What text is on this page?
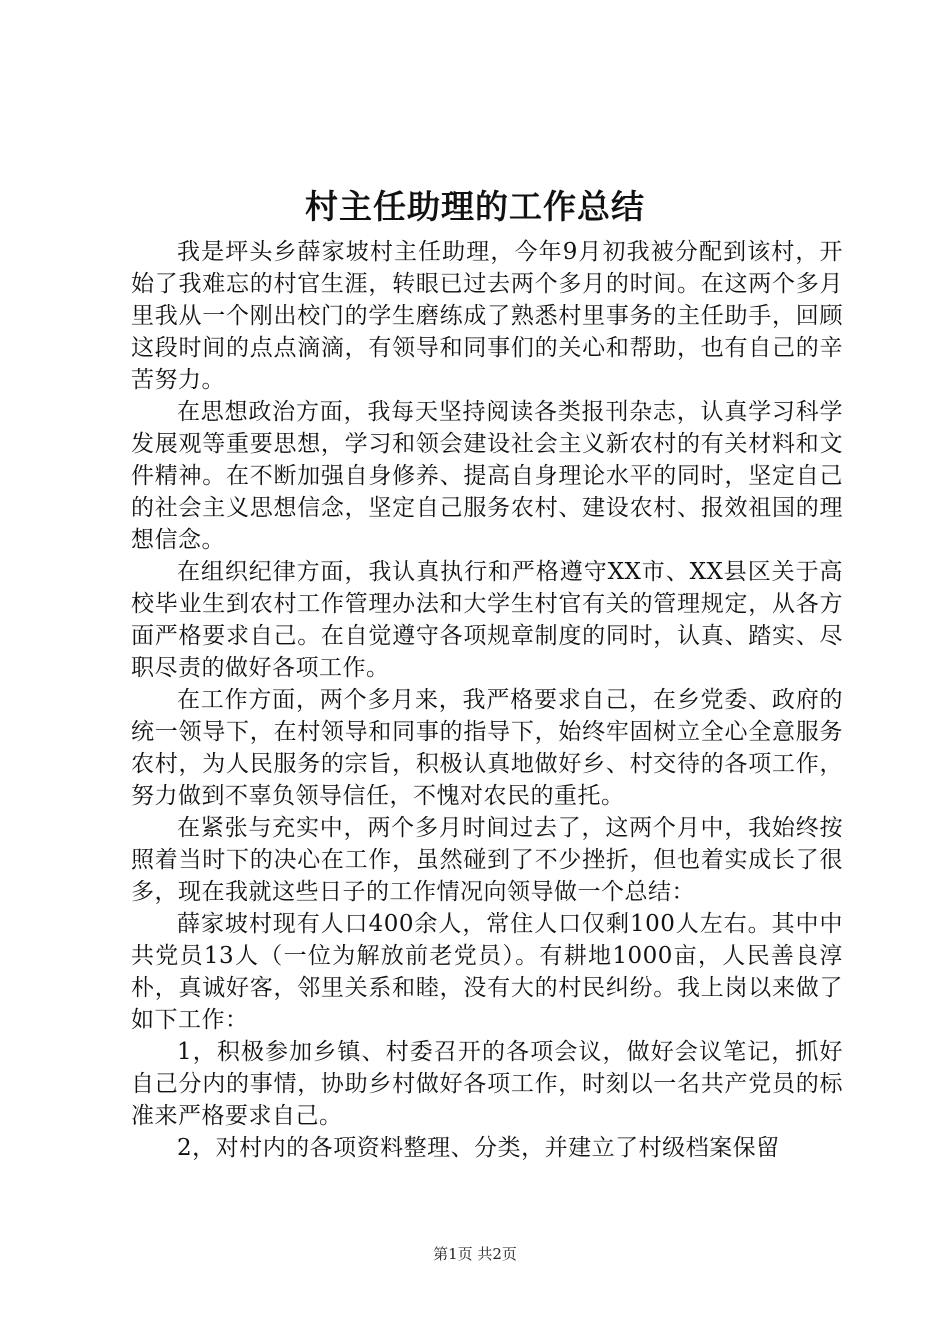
村主任助理的工作总结

我是坪头乡薛家坡村主任助理，今年9月初我被分配到该村，开始了我难忘的村官生涯，转眼已过去两个多月的时间。在这两个多月里我从一个刚出校门的学生磨练成了熟悉村里事务的主任助手，回顾这段时间的点点滴滴，有领导和同事们的关心和帮助，也有自己的辛苦努力。

在思想政治方面，我每天坚持阅读各类报刊杂志，认真学习科学发展观等重要思想，学习和领会建设社会主义新农村的有关材料和文件精神。在不断加强自身修养、提高自身理论水平的同时，坚定自己的社会主义思想信念，坚定自己服务农村、建设农村、报效祖国的理想信念。

在组织纪律方面，我认真执行和严格遵守XX市、XX县区关于高校毕业生到农村工作管理办法和大学生村官有关的管理规定，从各方面严格要求自己。在自觉遵守各项规章制度的同时，认真、踏实、尽职尽责的做好各项工作。

在工作方面，两个多月来，我严格要求自己，在乡党委、政府的统一领导下，在村领导和同事的指导下，始终牢固树立全心全意服务农村，为人民服务的宗旨，积极认真地做好乡、村交待的各项工作，努力做到不辜负领导信任，不愧对农民的重托。

在紧张与充实中，两个多月时间过去了，这两个月中，我始终按照着当时下的决心在工作，虽然碰到了不少挫折，但也着实成长了很多，现在我就这些日子的工作情况向领导做一个总结：

薛家坡村现有人口400余人，常住人口仅剩100人左右。其中中共党员13人（一位为解放前老党员）。有耕地1000亩，人民善良淳朴，真诚好客，邻里关系和睦，没有大的村民纠纷。我上岗以来做了如下工作：

1，积极参加乡镇、村委召开的各项会议，做好会议笔记，抓好自己分内的事情，协助乡村做好各项工作，时刻以一名共产党员的标准来严格要求自己。

2，对村内的各项资料整理、分类，并建立了村级档案保留

第1页 共2页
